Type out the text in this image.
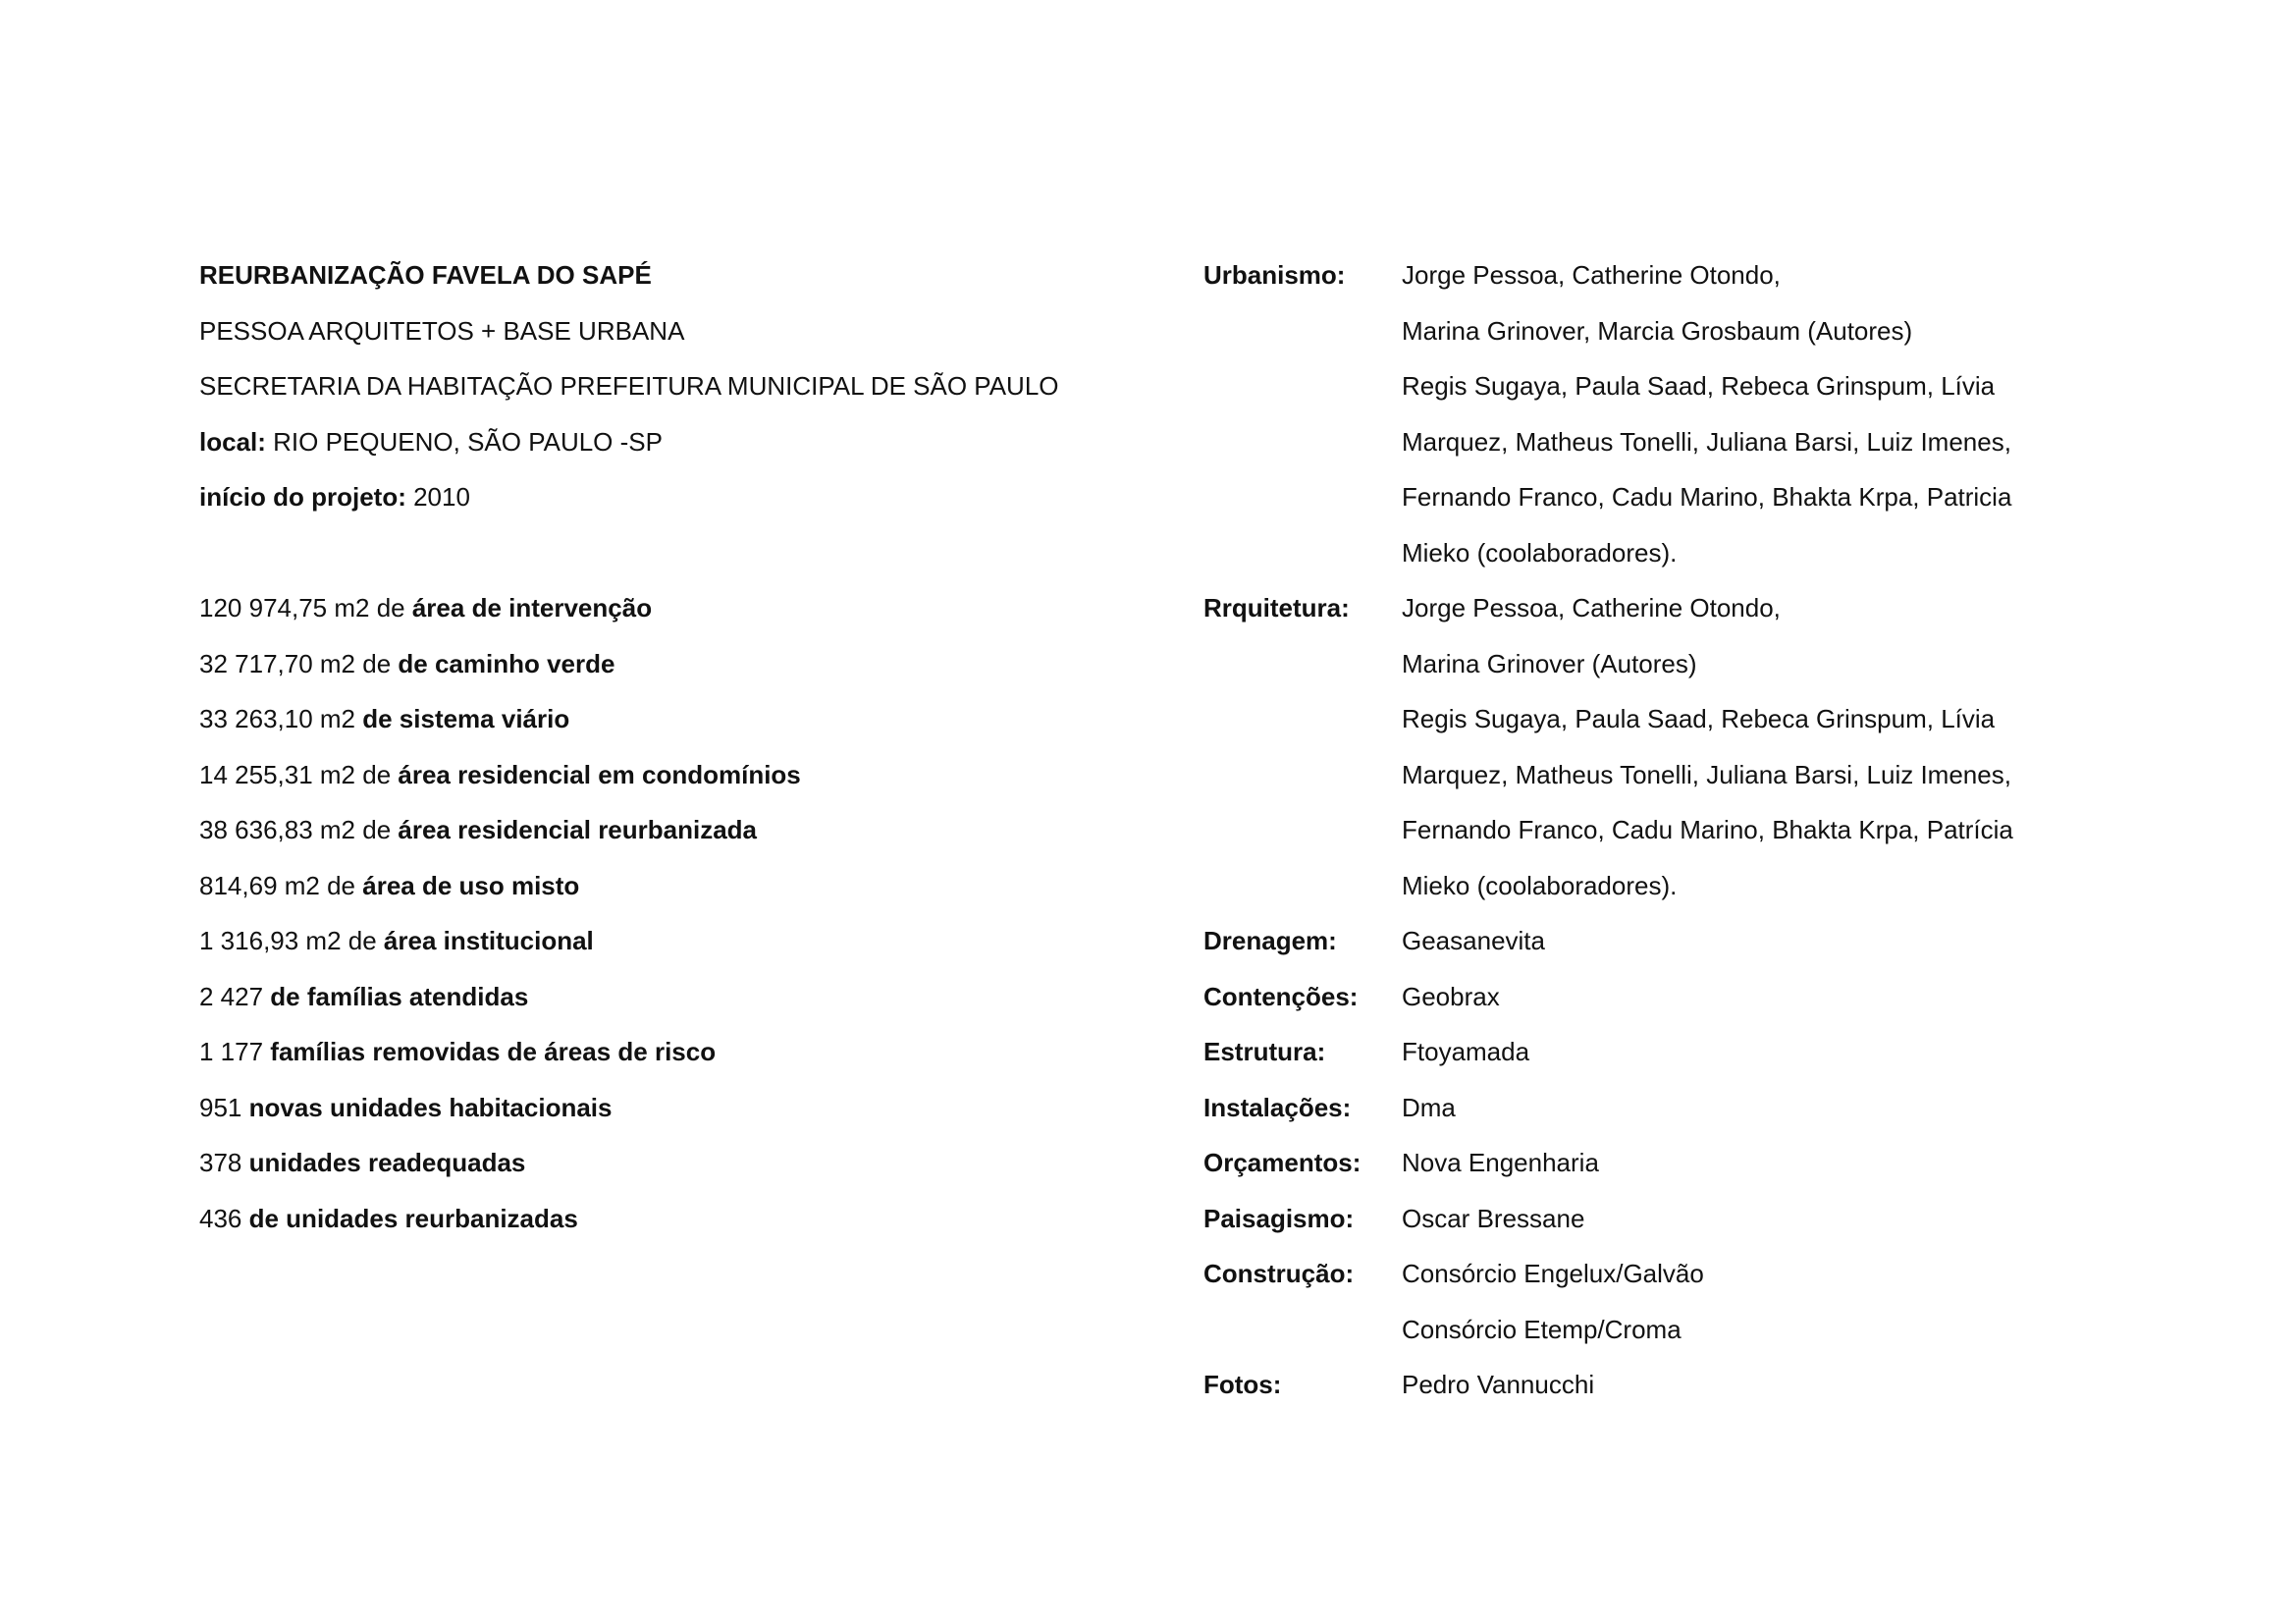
REURBANIZAÇÃO FAVELA DO SAPÉ
PESSOA ARQUITETOS + BASE URBANA
SECRETARIA DA HABITAÇÃO PREFEITURA MUNICIPAL DE SÃO PAULO
local: RIO PEQUENO, SÃO PAULO -SP
início do projeto: 2010
120 974,75 m2 de área de intervenção
32 717,70 m2 de de caminho verde
33 263,10 m2 de sistema viário
14 255,31 m2 de área residencial em condomínios
38 636,83 m2 de área residencial reurbanizada
814,69 m2 de área de uso misto
1 316,93 m2 de área institucional
2 427 de famílias atendidas
1 177 famílias removidas de áreas de risco
951 novas unidades habitacionais
378 unidades readequadas
436 de unidades reurbanizadas
Urbanismo:	Jorge Pessoa, Catherine Otondo,
Marina Grinover, Marcia Grosbaum (Autores)
Regis Sugaya, Paula Saad, Rebeca Grinspum, Lívia
Marquez, Matheus Tonelli, Juliana Barsi, Luiz Imenes,
Fernando Franco, Cadu Marino, Bhakta Krpa, Patricia
Mieko (coolaboradores).
Rrquitetura:	Jorge Pessoa, Catherine Otondo,
Marina Grinover (Autores)
Regis Sugaya, Paula Saad, Rebeca Grinspum, Lívia
Marquez, Matheus Tonelli, Juliana Barsi, Luiz Imenes,
Fernando Franco, Cadu Marino, Bhakta Krpa, Patrícia
Mieko (coolaboradores).
Drenagem:	Geasanevita
Contenções:	Geobrax
Estrutura:	Ftoyamada
Instalações:	Dma
Orçamentos:	Nova Engenharia
Paisagismo:	Oscar Bressane
Construção:	Consórcio Engelux/Galvão
Consórcio Etemp/Croma
Fotos:	Pedro Vannucchi
